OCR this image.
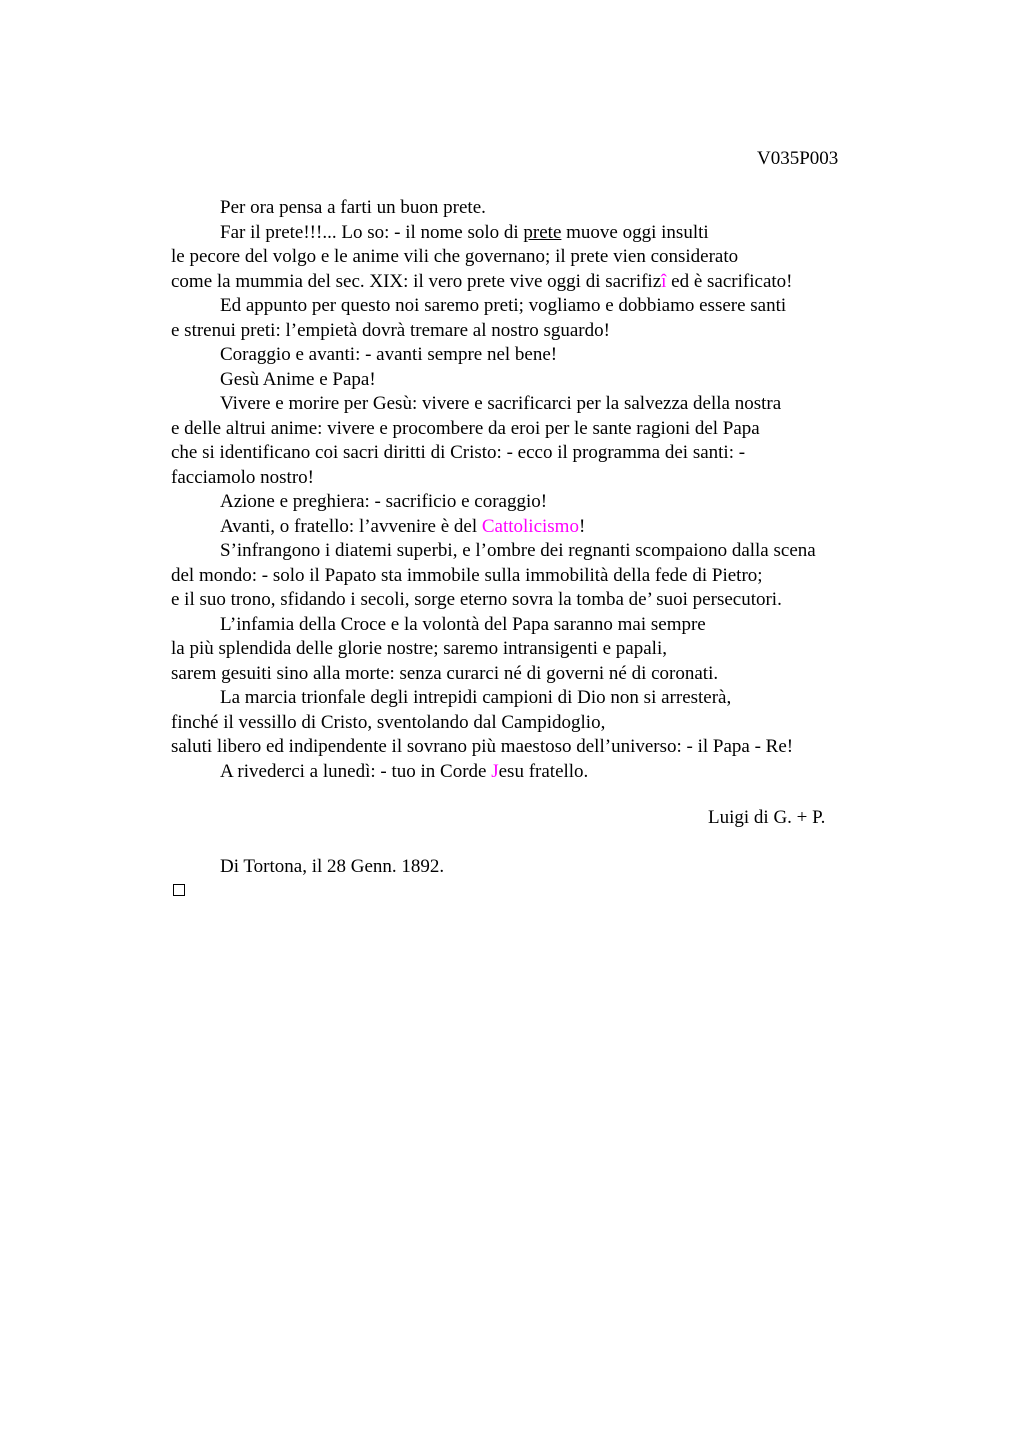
V035P003
Per ora pensa a farti un buon prete.
Far il prete!!!... Lo so: - il nome solo di prete muove oggi insulti
le pecore del volgo e le anime vili che governano; il prete vien considerato
come la mummia del sec. XIX: il vero prete vive oggi di sacrifizî ed è sacrificato!
Ed appunto per questo noi saremo preti; vogliamo e dobbiamo essere santi
e strenui preti: l’empietà dovrà tremare al nostro sguardo!
Coraggio e avanti: - avanti sempre nel bene!
Gesù Anime e Papa!
Vivere e morire per Gesù: vivere e sacrificarci per la salvezza della nostra
e delle altrui anime: vivere e procombere da eroi per le sante ragioni del Papa
che si identificano coi sacri diritti di Cristo: - ecco il programma dei santi: -
facciamolo nostro!
Azione e preghiera: - sacrificio e coraggio!
Avanti, o fratello: l’avvenire è del Cattolicismo!
S’infrangono i diatemi superbi, e l’ombre dei regnanti scompaiono dalla scena
del mondo: - solo il Papato sta immobile sulla immobilità della fede di Pietro;
e il suo trono, sfidando i secoli, sorge eterno sovra la tomba de’ suoi persecutori.
L’infamia della Croce e la volontà del Papa saranno mai sempre
la più splendida delle glorie nostre; saremo intransigenti e papali,
sarem gesuiti sino alla morte: senza curarci né di governi né di coronati.
La marcia trionfale degli intrepidi campioni di Dio non si arresterà,
finché il vessillo di Cristo, sventolando dal Campidoglio,
saluti libero ed indipendente il sovrano più maestoso dell’universo: - il Papa - Re!
A rivederci a lunedì: - tuo in Corde Jesu fratello.
Luigi di G. + P.
Di Tortona, il 28 Genn. 1892.
